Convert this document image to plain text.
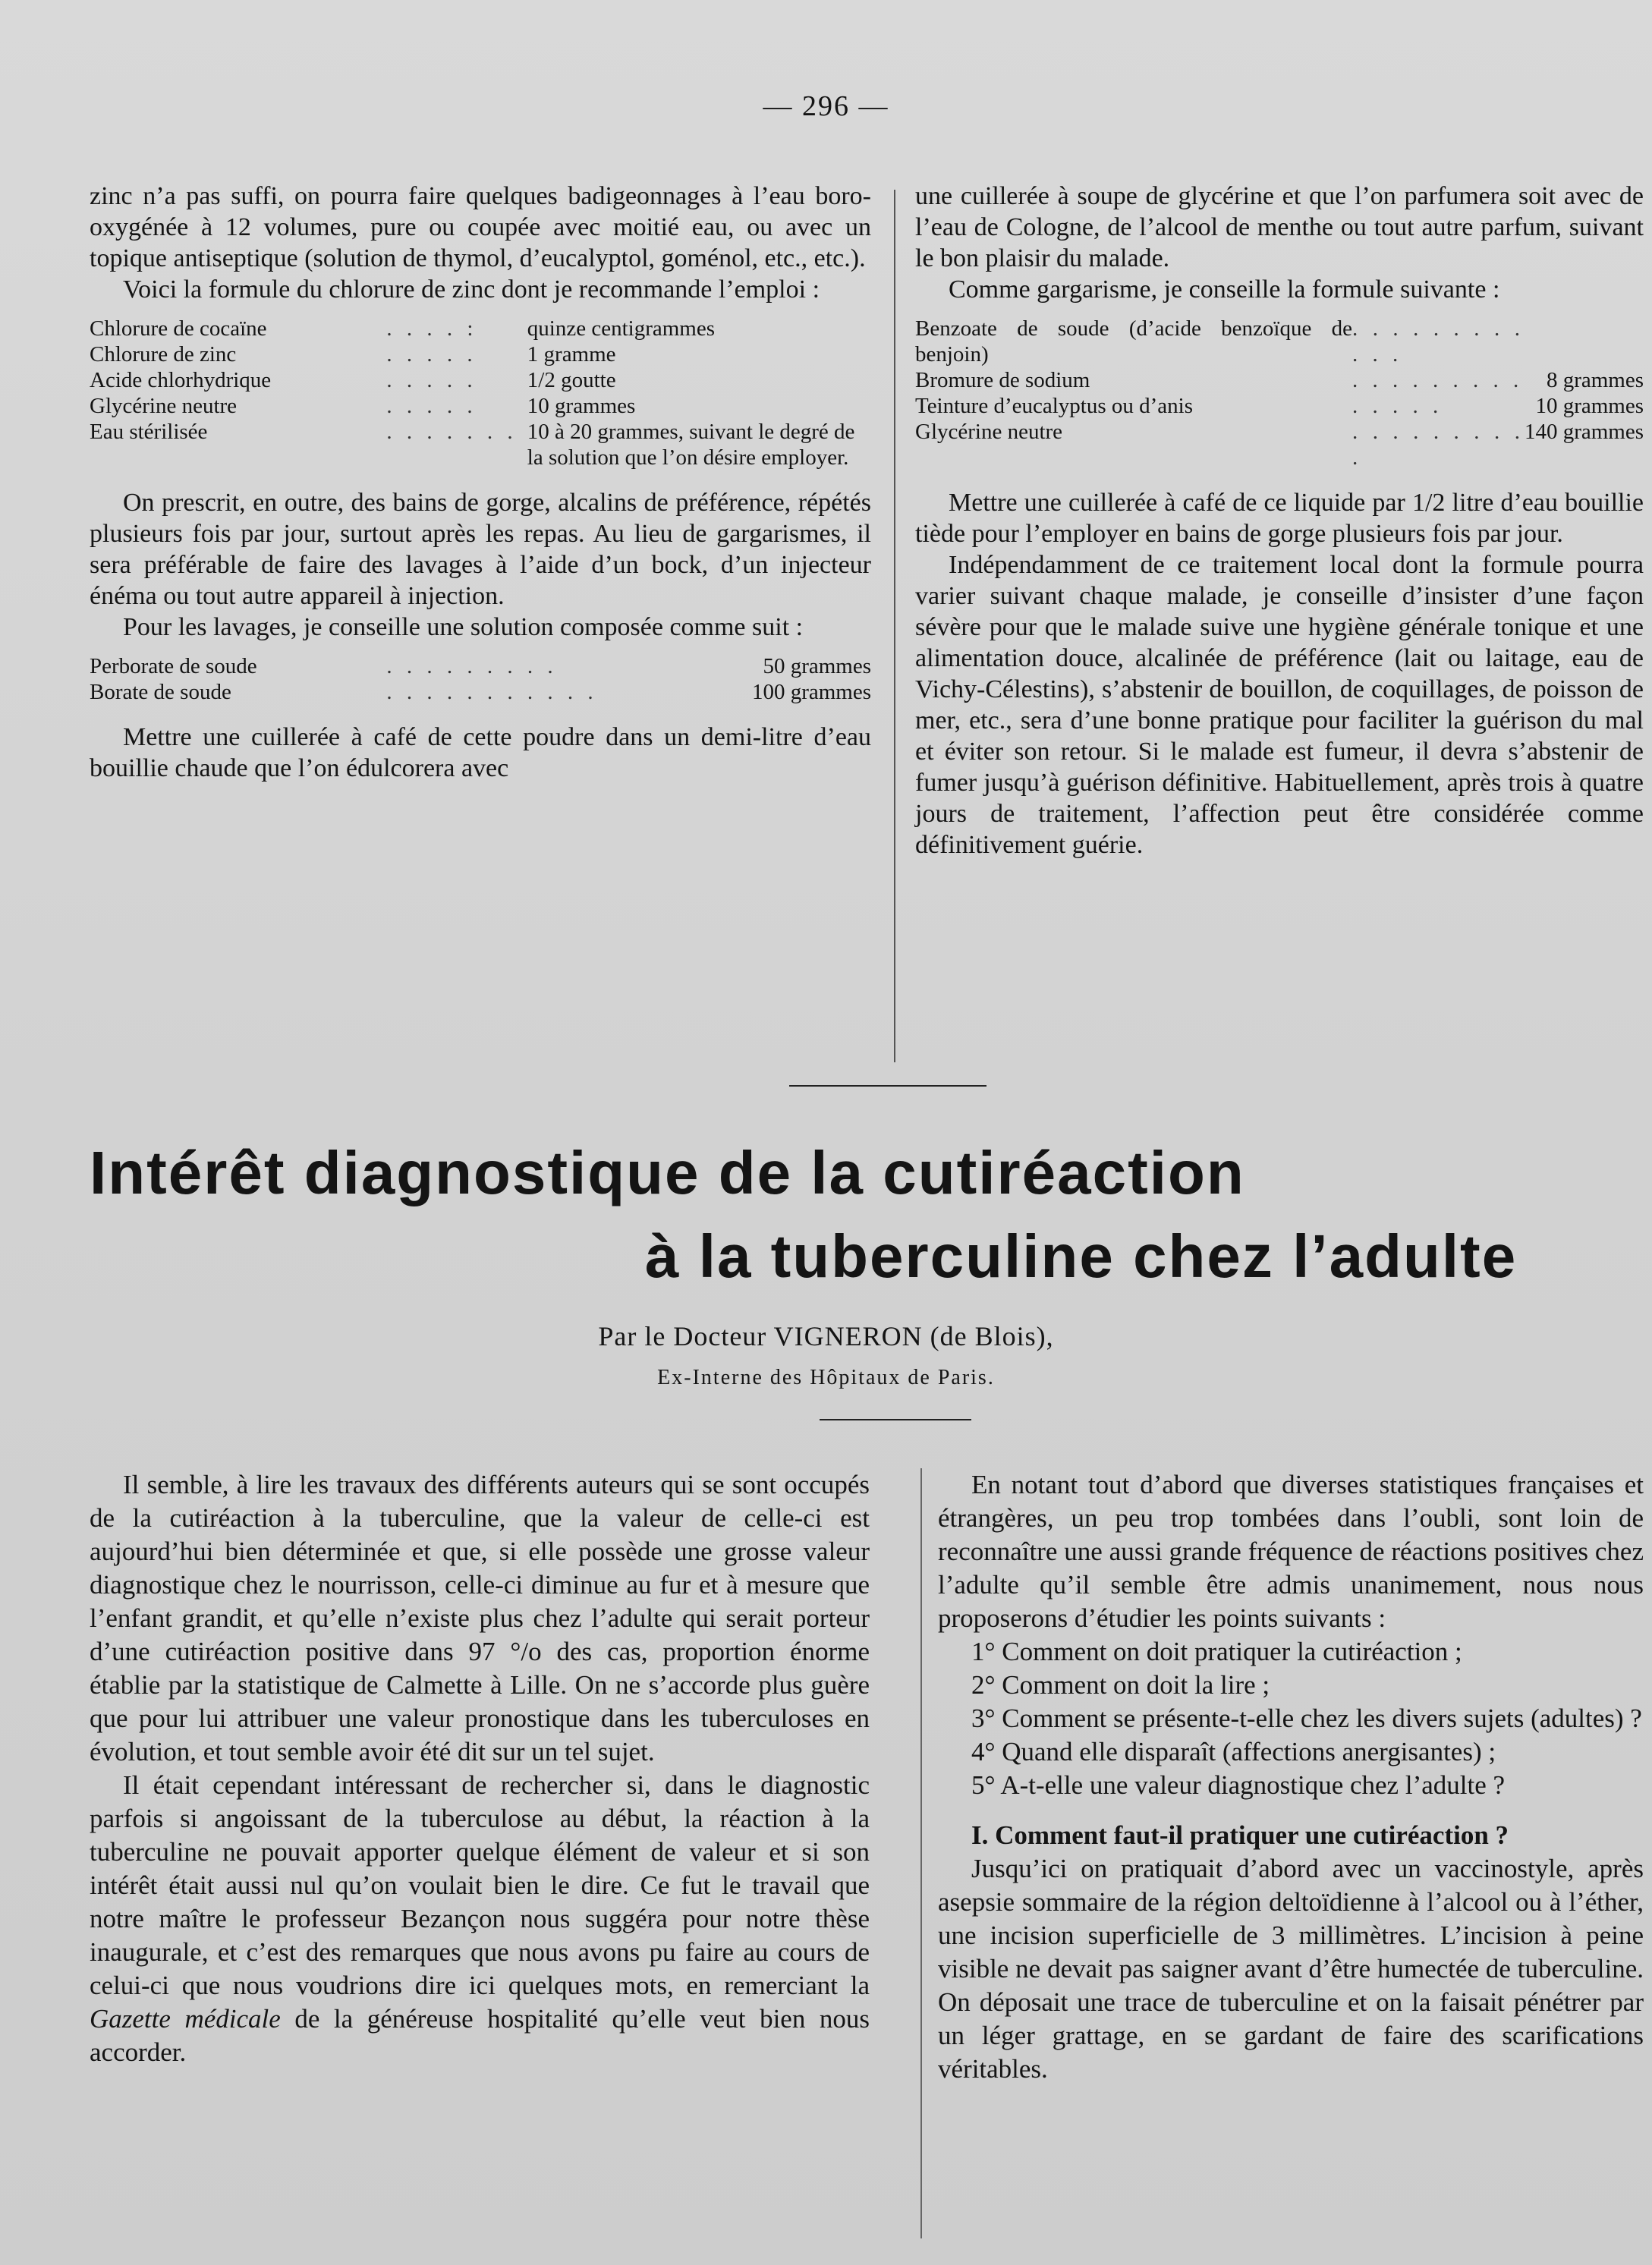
— 296 —

zinc n’a pas suffi, on pourra faire quelques badigeonnages à l’eau boro-oxygénée à 12 volumes, pure ou coupée avec moitié eau, ou avec un topique antiseptique (solution de thymol, d’eucalyptol, goménol, etc., etc.).

Voici la formule du chlorure de zinc dont je recommande l’emploi :

Chlorure de cocaïne	. . . . :	quinze centigrammes
Chlorure de zinc	. . . . .	1 gramme
Acide chlorhydrique	. . . . .	1/2 goutte
Glycérine neutre	. . . . .	10 grammes
Eau stérilisée	. . . . . . .	10 à 20 grammes, suivant le degré de la solution que l’on désire employer.

On prescrit, en outre, des bains de gorge, alcalins de préférence, répétés plusieurs fois par jour, surtout après les repas. Au lieu de gargarismes, il sera préférable de faire des lavages à l’aide d’un bock, d’un injecteur énéma ou tout autre appareil à injection.

Pour les lavages, je conseille une solution composée comme suit :

Perborate de soude	. . . . . . . . .	50 grammes
Borate de soude	. . . . . . . . . . .	100 grammes

Mettre une cuillerée à café de cette poudre dans un demi-litre d’eau bouillie chaude que l’on édulcorera avec

une cuillerée à soupe de glycérine et que l’on parfumera soit avec de l’eau de Cologne, de l’alcool de menthe ou tout autre parfum, suivant le bon plaisir du malade.

Comme gargarisme, je conseille la formule suivante :

Benzoate de soude (d’acide benzoïque de benjoin)	. . . . . . . . . . . .	
Bromure de sodium	. . . . . . . . .	8 grammes
Teinture d’eucalyptus ou d’anis	. . . . .	10 grammes
Glycérine neutre	. . . . . . . . . .	140 grammes

Mettre une cuillerée à café de ce liquide par 1/2 litre d’eau bouillie tiède pour l’employer en bains de gorge plusieurs fois par jour.

Indépendamment de ce traitement local dont la formule pourra varier suivant chaque malade, je conseille d’insister d’une façon sévère pour que le malade suive une hygiène générale tonique et une alimentation douce, alcalinée de préférence (lait ou laitage, eau de Vichy-Célestins), s’abstenir de bouillon, de coquillages, de poisson de mer, etc., sera d’une bonne pratique pour faciliter la guérison du mal et éviter son retour. Si le malade est fumeur, il devra s’abstenir de fumer jusqu’à guérison définitive. Habituellement, après trois à quatre jours de traitement, l’affection peut être considérée comme définitivement guérie.

Intérêt diagnostique de la cutiréaction
à la tuberculine chez l’adulte
Par le Docteur VIGNERON (de Blois),
Ex-Interne des Hôpitaux de Paris.

Il semble, à lire les travaux des différents auteurs qui se sont occupés de la cutiréaction à la tuberculine, que la valeur de celle-ci est aujourd’hui bien déterminée et que, si elle possède une grosse valeur diagnostique chez le nourrisson, celle-ci diminue au fur et à mesure que l’enfant grandit, et qu’elle n’existe plus chez l’adulte qui serait porteur d’une cutiréaction positive dans 97 °/o des cas, proportion énorme établie par la statistique de Calmette à Lille. On ne s’accorde plus guère que pour lui attribuer une valeur pronostique dans les tuberculoses en évolution, et tout semble avoir été dit sur un tel sujet.

Il était cependant intéressant de rechercher si, dans le diagnostic parfois si angoissant de la tuberculose au début, la réaction à la tuberculine ne pouvait apporter quelque élément de valeur et si son intérêt était aussi nul qu’on voulait bien le dire. Ce fut le travail que notre maître le professeur Bezançon nous suggéra pour notre thèse inaugurale, et c’est des remarques que nous avons pu faire au cours de celui-ci que nous voudrions dire ici quelques mots, en remerciant la Gazette médicale de la généreuse hospitalité qu’elle veut bien nous accorder.

En notant tout d’abord que diverses statistiques françaises et étrangères, un peu trop tombées dans l’oubli, sont loin de reconnaître une aussi grande fréquence de réactions positives chez l’adulte qu’il semble être admis unanimement, nous nous proposerons d’étudier les points suivants :

1° Comment on doit pratiquer la cutiréaction ;

2° Comment on doit la lire ;

3° Comment se présente-t-elle chez les divers sujets (adultes) ?

4° Quand elle disparaît (affections anergisantes) ;

5° A-t-elle une valeur diagnostique chez l’adulte ?

I. Comment faut-il pratiquer une cutiréaction ?

Jusqu’ici on pratiquait d’abord avec un vaccinostyle, après asepsie sommaire de la région deltoïdienne à l’alcool ou à l’éther, une incision superficielle de 3 millimètres. L’incision à peine visible ne devait pas saigner avant d’être humectée de tuberculine. On déposait une trace de tuberculine et on la faisait pénétrer par un léger grattage, en se gardant de faire des scarifications véritables.
